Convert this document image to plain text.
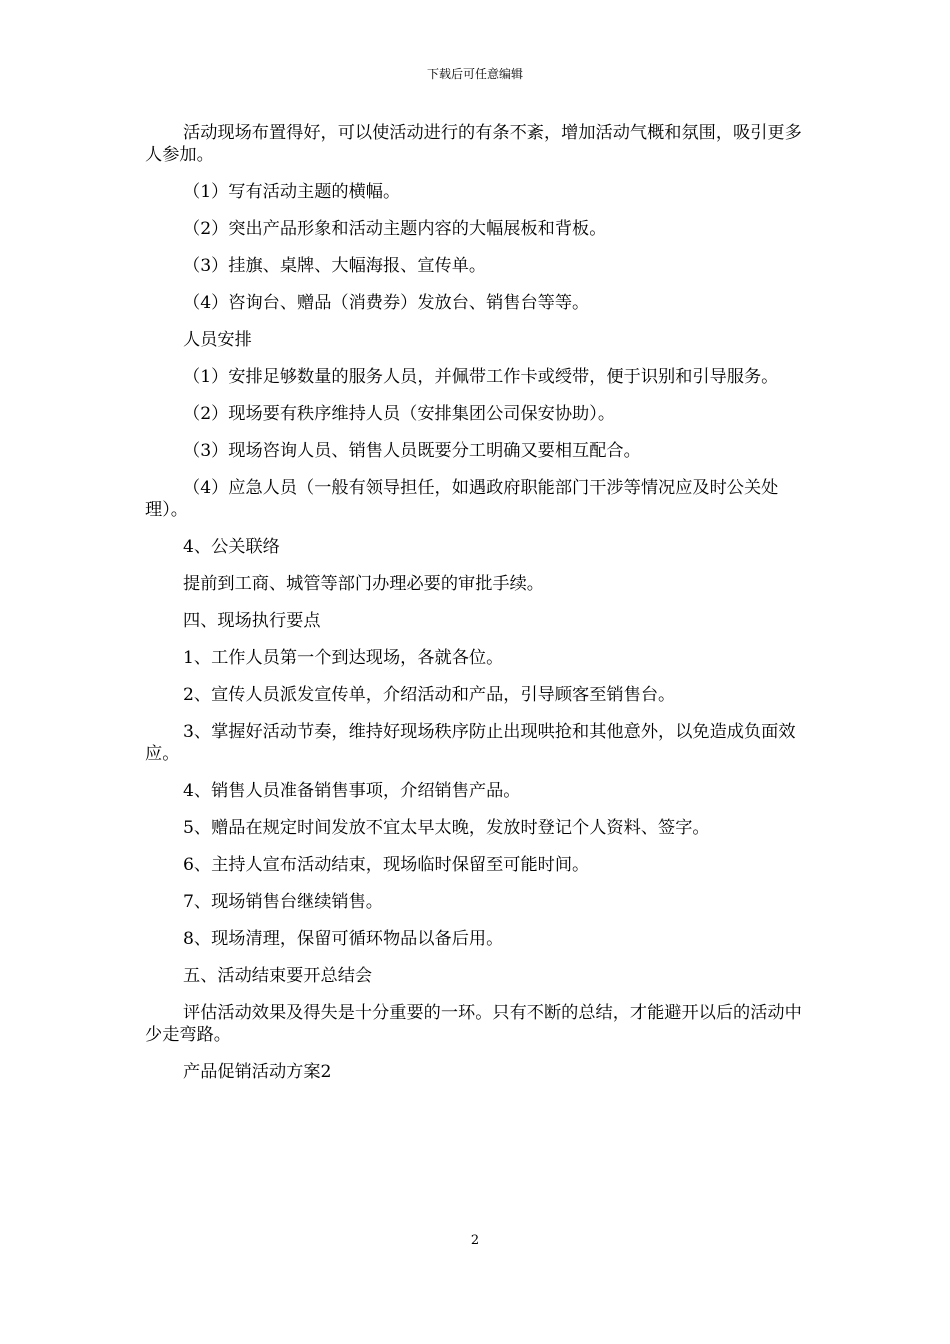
下载后可任意编辑

活动现场布置得好，可以使活动进行的有条不紊，增加活动气概和氛围，吸引更多人参加。

（1）写有活动主题的横幅。

（2）突出产品形象和活动主题内容的大幅展板和背板。

（3）挂旗、桌牌、大幅海报、宣传单。

（4）咨询台、赠品（消费券）发放台、销售台等等。

人员安排

（1）安排足够数量的服务人员，并佩带工作卡或绶带，便于识别和引导服务。

（2）现场要有秩序维持人员（安排集团公司保安协助）。

（3）现场咨询人员、销售人员既要分工明确又要相互配合。

（4）应急人员（一般有领导担任，如遇政府职能部门干涉等情况应及时公关处理）。

4、公关联络

提前到工商、城管等部门办理必要的审批手续。

四、现场执行要点

1、工作人员第一个到达现场，各就各位。

2、宣传人员派发宣传单，介绍活动和产品，引导顾客至销售台。

3、掌握好活动节奏，维持好现场秩序防止出现哄抢和其他意外，以免造成负面效应。

4、销售人员准备销售事项，介绍销售产品。

5、赠品在规定时间发放不宜太早太晚，发放时登记个人资料、签字。

6、主持人宣布活动结束，现场临时保留至可能时间。

7、现场销售台继续销售。

8、现场清理，保留可循环物品以备后用。

五、活动结束要开总结会

评估活动效果及得失是十分重要的一环。只有不断的总结，才能避开以后的活动中少走弯路。

产品促销活动方案2

2
